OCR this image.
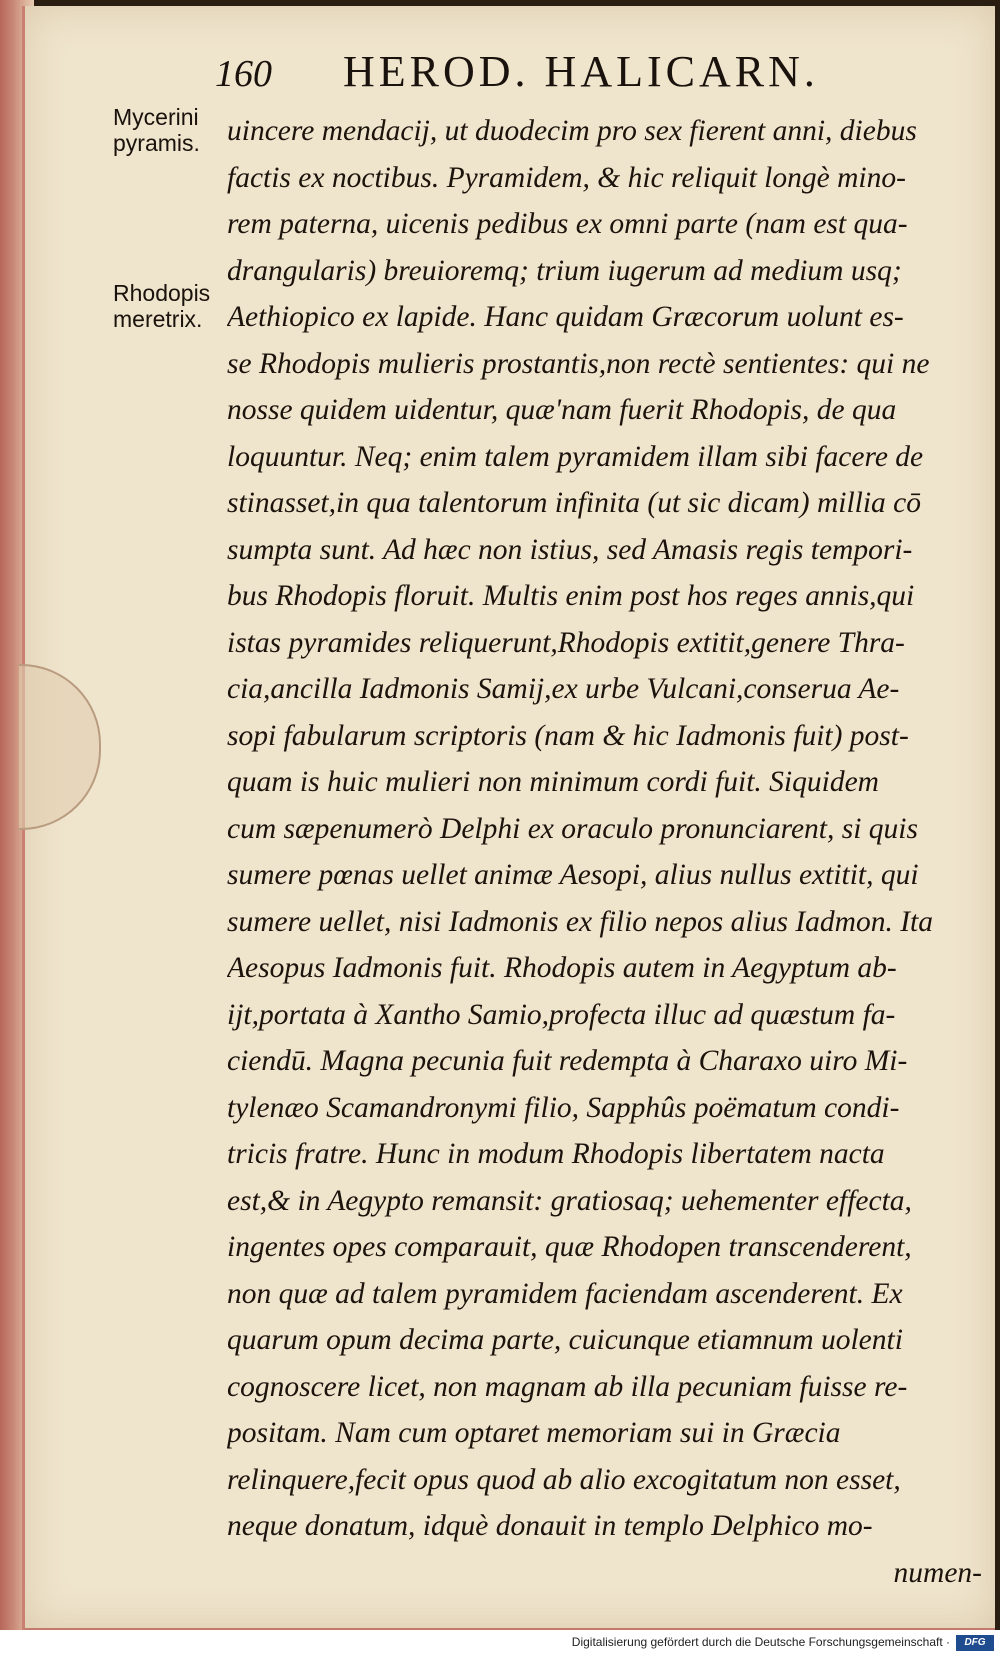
160 HEROD. HALICARN.
Mycerini
pyramis.
Rhodopis
meretrix.
uincere mendacij, ut duodecim pro sex fierent anni, diebus
factis ex noctibus. Pyramidem, & hic reliquit longè mino-
rem paterna, uicenis pedibus ex omni parte (nam est qua-
drangularis) breuioremq; trium iugerum ad medium usq;
Aethiopico ex lapide. Hanc quidam Græcorum uolunt es-
se Rhodopis mulieris prostantis,non rectè sentientes: qui ne
nosse quidem uidentur, quæ'nam fuerit Rhodopis, de qua
loquuntur. Neq; enim talem pyramidem illam sibi facere de
stinasset,in qua talentorum infinita (ut sic dicam) millia cō
sumpta sunt. Ad hæc non istius, sed Amasis regis tempori-
bus Rhodopis floruit. Multis enim post hos reges annis,qui
istas pyramides reliquerunt,Rhodopis extitit,genere Thra-
cia,ancilla Iadmonis Samij,ex urbe Vulcani,conserua Ae-
sopi fabularum scriptoris (nam & hic Iadmonis fuit) post-
quam is huic mulieri non minimum cordi fuit. Siquidem
cum sæpenumerò Delphi ex oraculo pronunciarent, si quis
sumere pœnas uellet animæ Aesopi, alius nullus extitit, qui
sumere uellet, nisi Iadmonis ex filio nepos alius Iadmon. Ita
Aesopus Iadmonis fuit. Rhodopis autem in Aegyptum ab-
ijt,portata à Xantho Samio,profecta illuc ad quæstum fa-
ciendū. Magna pecunia fuit redempta à Charaxo uiro Mi-
tylenæo Scamandronymi filio, Sapphûs poëmatum condi-
tricis fratre. Hunc in modum Rhodopis libertatem nacta
est,& in Aegypto remansit: gratiosaq; uehementer effecta,
ingentes opes comparauit, quæ Rhodopen transcenderent,
non quæ ad talem pyramidem faciendam ascenderent. Ex
quarum opum decima parte, cuicunque etiamnum uolenti
cognoscere licet, non magnam ab illa pecuniam fuisse re-
positam. Nam cum optaret memoriam sui in Græcia
relinquere,fecit opus quod ab alio excogitatum non esset,
neque donatum, idquè donauit in templo Delphico mo-
numen-
Digitalisierung gefördert durch die Deutsche Forschungsgemeinschaft ·	DFG
